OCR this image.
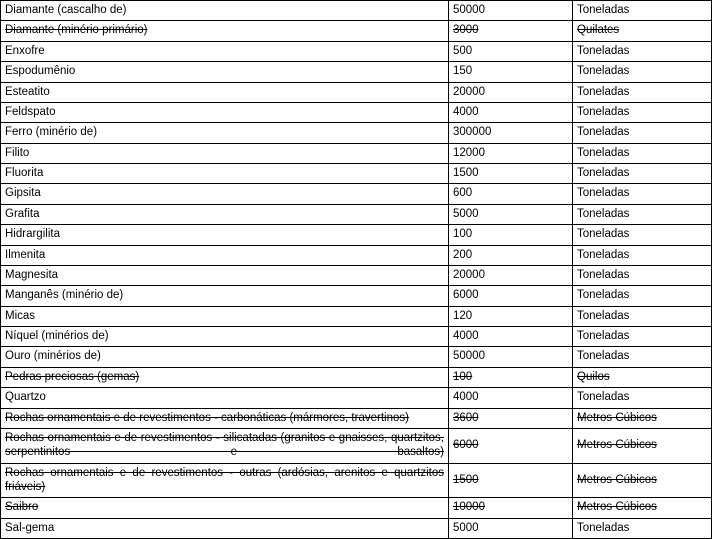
Diamante (cascalho de)	50000	Toneladas
Diamante (minério primário)	3000	Quilates
Enxofre	500	Toneladas
Espodumênio	150	Toneladas
Esteatito	20000	Toneladas
Feldspato	4000	Toneladas
Ferro (minério de)	300000	Toneladas
Filito	12000	Toneladas
Fluorita	1500	Toneladas
Gipsita	600	Toneladas
Grafita	5000	Toneladas
Hidrargilita	100	Toneladas
Ilmenita	200	Toneladas
Magnesita	20000	Toneladas
Manganês (minério de)	6000	Toneladas
Micas	120	Toneladas
Níquel (minérios de)	4000	Toneladas
Ouro (minérios de)	50000	Toneladas
Pedras preciosas (gemas)	100	Quilos
Quartzo	4000	Toneladas
Rochas ornamentais e de revestimentos - carbonáticas (mármores, travertinos)	3600	Metros Cúbicos
Rochas ornamentais e de revestimentos - silicatadas (granitos e gnaisses, quartzitos, serpentinitos e basaltos)	6000	Metros Cúbicos
Rochas ornamentais e de revestimentos - outras (ardósias, arenitos e quartzitos friáveis)	1500	Metros Cúbicos
Saibro	10000	Metros Cúbicos
Sal-gema	5000	Toneladas
